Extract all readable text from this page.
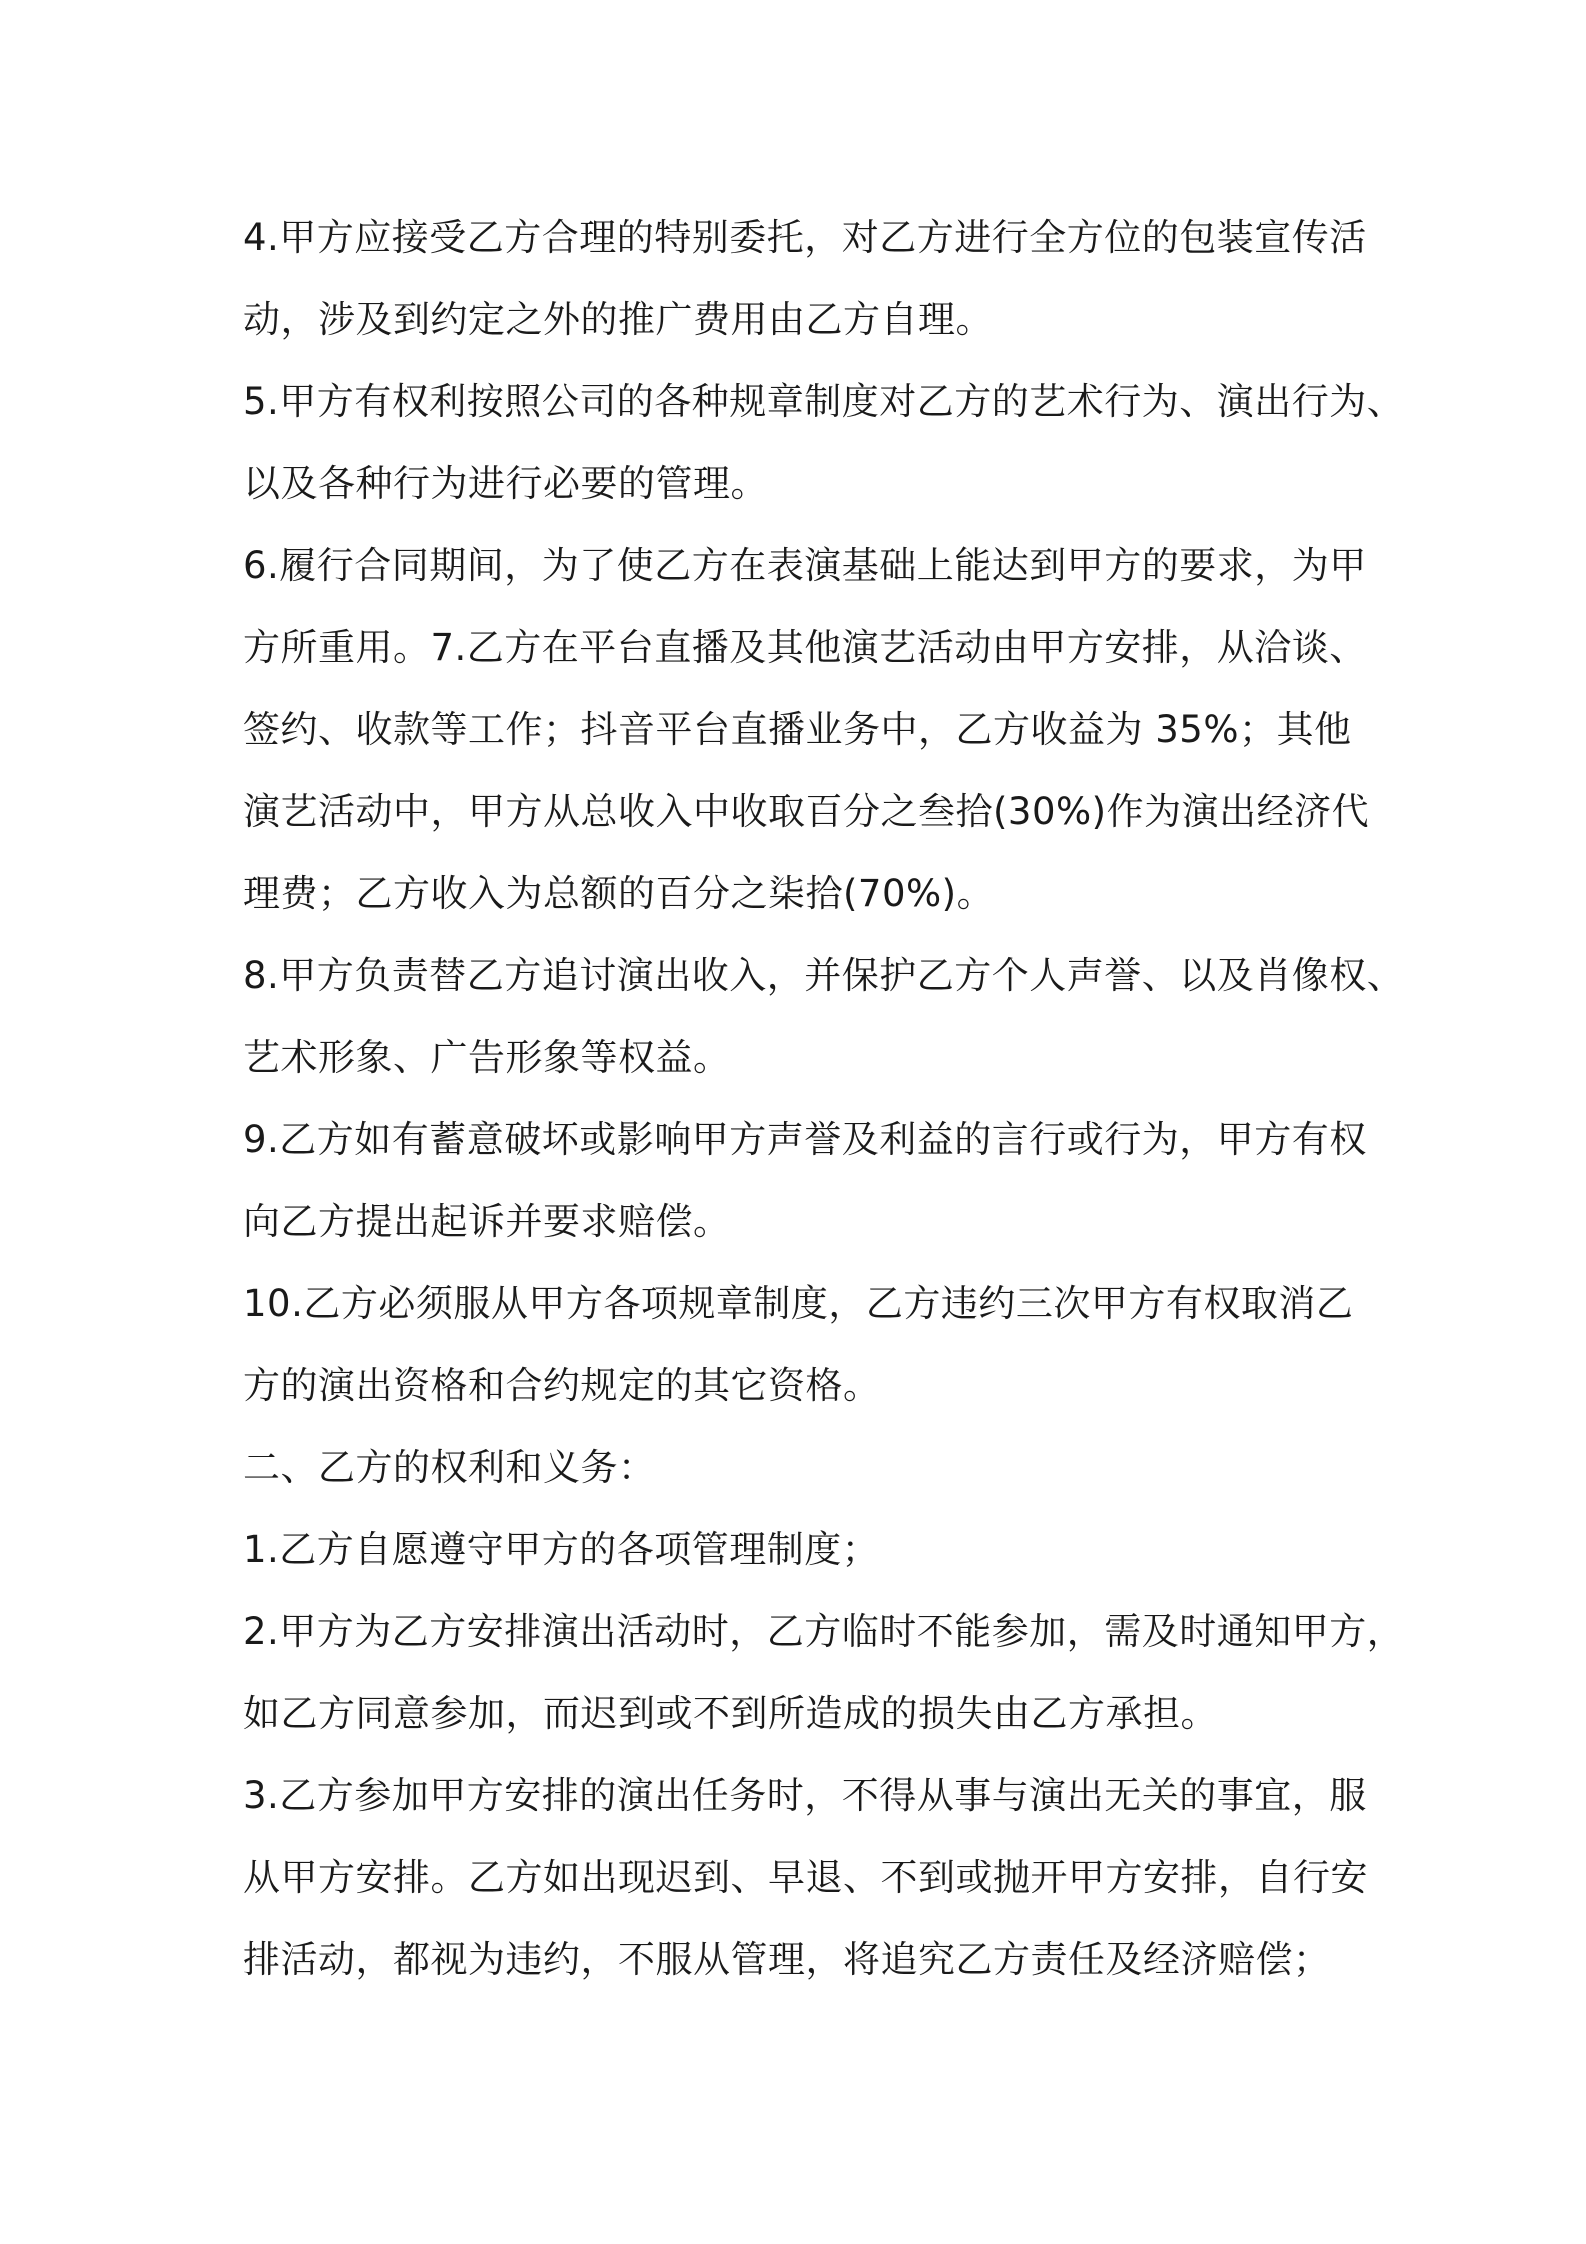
4.甲方应接受乙方合理的特别委托，对乙方进行全方位的包装宣传活
动，涉及到约定之外的推广费用由乙方自理。
5.甲方有权利按照公司的各种规章制度对乙方的艺术行为、演出行为、
以及各种行为进行必要的管理。
6.履行合同期间，为了使乙方在表演基础上能达到甲方的要求，为甲
方所重用。7.乙方在平台直播及其他演艺活动由甲方安排，从洽谈、
签约、收款等工作；抖音平台直播业务中，乙方收益为 35%；其他
演艺活动中，甲方从总收入中收取百分之叁拾(30%)作为演出经济代
理费；乙方收入为总额的百分之柒拾(70%)。
8.甲方负责替乙方追讨演出收入，并保护乙方个人声誉、以及肖像权、
艺术形象、广告形象等权益。
9.乙方如有蓄意破坏或影响甲方声誉及利益的言行或行为，甲方有权
向乙方提出起诉并要求赔偿。
10.乙方必须服从甲方各项规章制度，乙方违约三次甲方有权取消乙
方的演出资格和合约规定的其它资格。
二、乙方的权利和义务：
1.乙方自愿遵守甲方的各项管理制度；
2.甲方为乙方安排演出活动时，乙方临时不能参加，需及时通知甲方，
如乙方同意参加，而迟到或不到所造成的损失由乙方承担。
3.乙方参加甲方安排的演出任务时，不得从事与演出无关的事宜，服
从甲方安排。乙方如出现迟到、早退、不到或抛开甲方安排，自行安
排活动，都视为违约，不服从管理，将追究乙方责任及经济赔偿；
